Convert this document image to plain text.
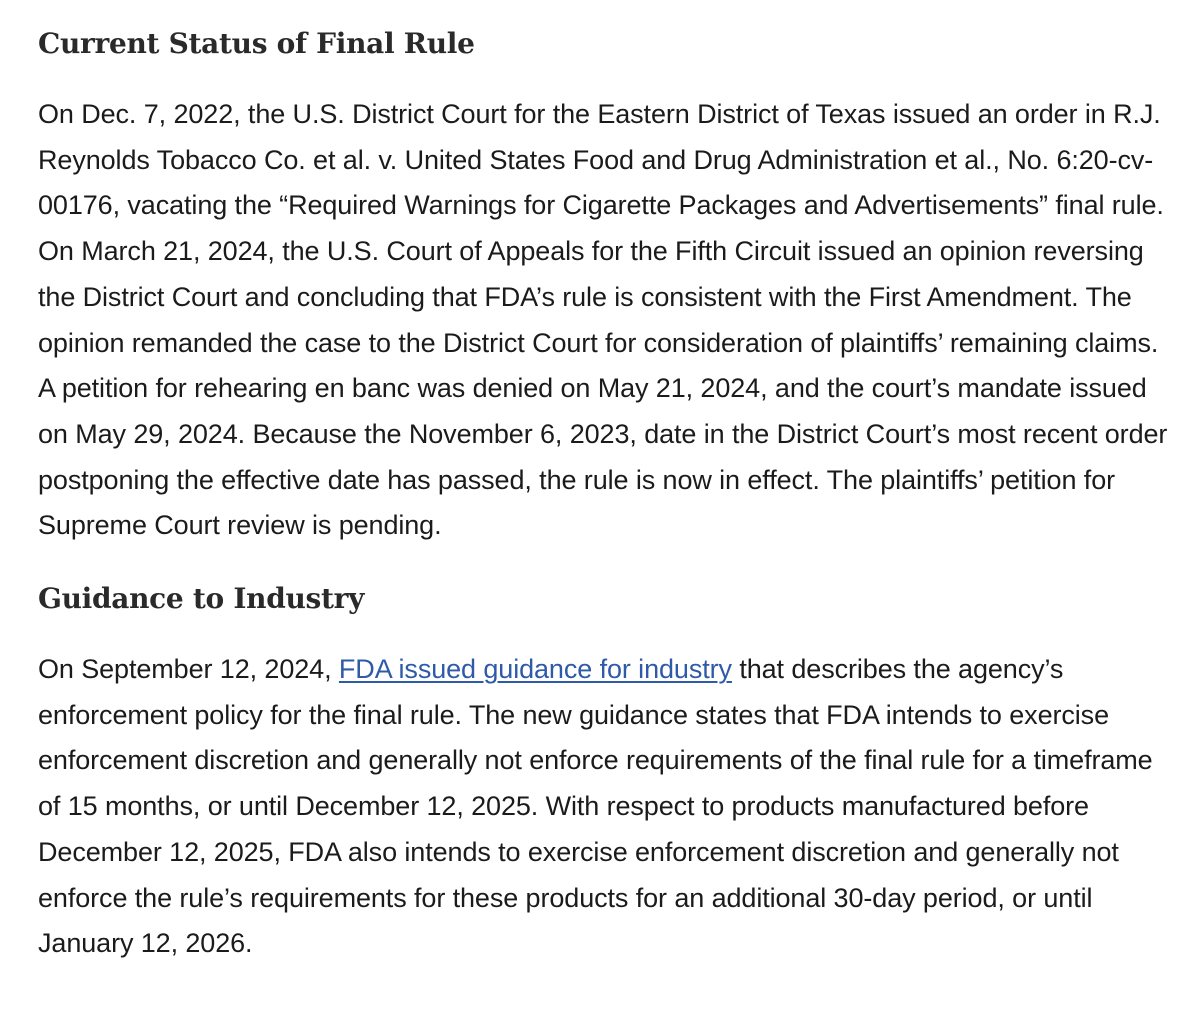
Current Status of Final Rule

On Dec. 7, 2022, the U.S. District Court for the Eastern District of Texas issued an order in R.J. Reynolds Tobacco Co. et al. v. United States Food and Drug Administration et al., No. 6:20-cv-00176, vacating the “Required Warnings for Cigarette Packages and Advertisements” final rule. On March 21, 2024, the U.S. Court of Appeals for the Fifth Circuit issued an opinion reversing the District Court and concluding that FDA’s rule is consistent with the First Amendment. The opinion remanded the case to the District Court for consideration of plaintiffs’ remaining claims. A petition for rehearing en banc was denied on May 21, 2024, and the court’s mandate issued on May 29, 2024. Because the November 6, 2023, date in the District Court’s most recent order postponing the effective date has passed, the rule is now in effect. The plaintiffs’ petition for Supreme Court review is pending.

Guidance to Industry

On September 12, 2024, FDA issued guidance for industry that describes the agency’s enforcement policy for the final rule. The new guidance states that FDA intends to exercise enforcement discretion and generally not enforce requirements of the final rule for a timeframe of 15 months, or until December 12, 2025. With respect to products manufactured before December 12, 2025, FDA also intends to exercise enforcement discretion and generally not enforce the rule’s requirements for these products for an additional 30-day period, or until January 12, 2026.
